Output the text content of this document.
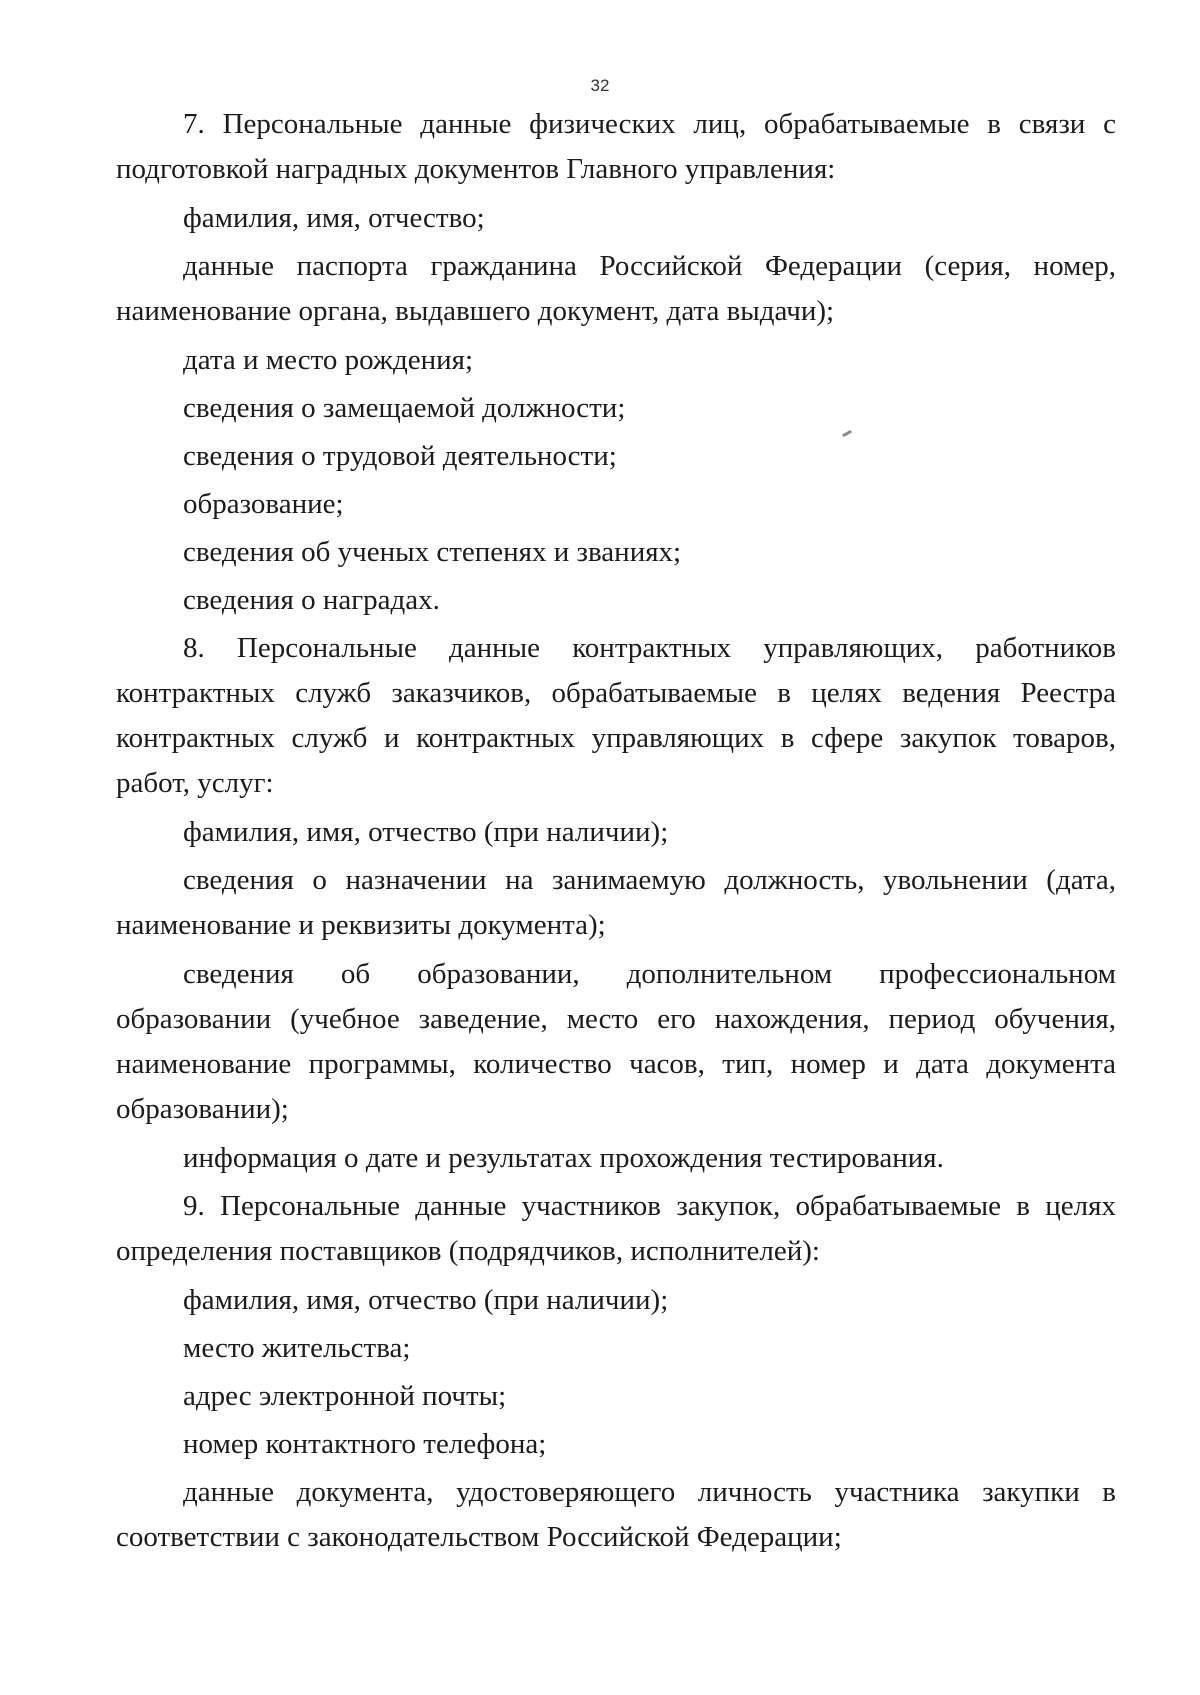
32

7. Персональные данные физических лиц, обрабатываемые в связи с подготовкой наградных документов Главного управления:

фамилия, имя, отчество;

данные паспорта гражданина Российской Федерации (серия, номер, наименование органа, выдавшего документ, дата выдачи);

дата и место рождения;

сведения о замещаемой должности;

сведения о трудовой деятельности;

образование;

сведения об ученых степенях и званиях;

сведения о наградах.

8. Персональные данные контрактных управляющих, работников контрактных служб заказчиков, обрабатываемые в целях ведения Реестра контрактных служб и контрактных управляющих в сфере закупок товаров, работ, услуг:

фамилия, имя, отчество (при наличии);

сведения о назначении на занимаемую должность, увольнении (дата, наименование и реквизиты документа);

сведения об образовании, дополнительном профессиональном образовании (учебное заведение, место его нахождения, период обучения, наименование программы, количество часов, тип, номер и дата документа образовании);

информация о дате и результатах прохождения тестирования.

9. Персональные данные участников закупок, обрабатываемые в целях определения поставщиков (подрядчиков, исполнителей):

фамилия, имя, отчество (при наличии);

место жительства;

адрес электронной почты;

номер контактного телефона;

данные документа, удостоверяющего личность участника закупки в соответствии с законодательством Российской Федерации;
